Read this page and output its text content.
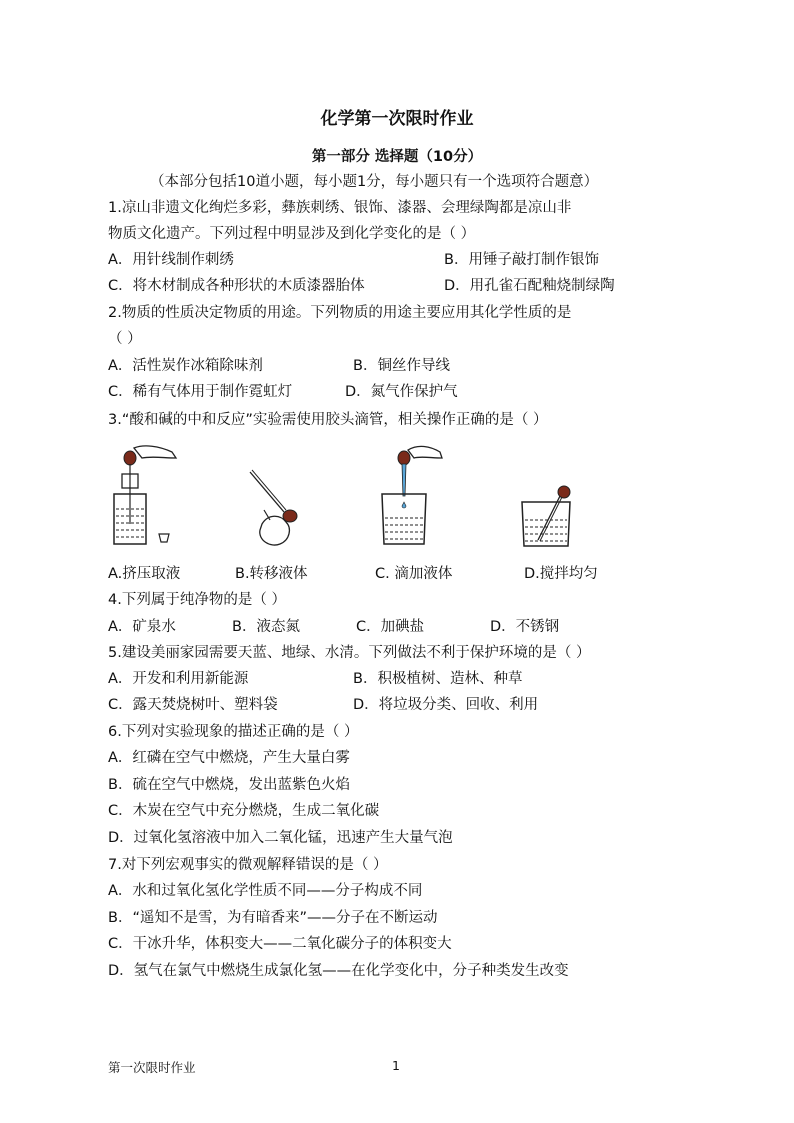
化学第一次限时作业
第一部分 选择题（10分）
（本部分包括10道小题，每小题1分，每小题只有一个选项符合题意）
1.凉山非遗文化绚烂多彩，彝族刺绣、银饰、漆器、会理绿陶都是凉山非
物质文化遗产。下列过程中明显涉及到化学变化的是（ ）
A．用针线制作刺绣	B．用锤子敲打制作银饰
C．将木材制成各种形状的木质漆器胎体	D．用孔雀石配釉烧制绿陶
2.物质的性质决定物质的用途。下列物质的用途主要应用其化学性质的是
（ ）
A．活性炭作冰箱除味剂	B．铜丝作导线
C．稀有气体用于制作霓虹灯	D．氮气作保护气
3.“酸和碱的中和反应”实验需使用胶头滴管，相关操作正确的是（ ）
A.挤压取液	B.转移液体	C. 滴加液体	D.搅拌均匀
4.下列属于纯净物的是（ ）
A．矿泉水	B．液态氮	C．加碘盐	D．不锈钢
5.建设美丽家园需要天蓝、地绿、水清。下列做法不利于保护环境的是（ ）
A．开发和利用新能源	B．积极植树、造林、种草
C．露天焚烧树叶、塑料袋	D．将垃圾分类、回收、利用
6.下列对实验现象的描述正确的是（ ）
A．红磷在空气中燃烧，产生大量白雾
B．硫在空气中燃烧，发出蓝紫色火焰
C．木炭在空气中充分燃烧，生成二氧化碳
D．过氧化氢溶液中加入二氧化锰，迅速产生大量气泡
7.对下列宏观事实的微观解释错误的是（ ）
A．水和过氧化氢化学性质不同——分子构成不同
B．“遥知不是雪，为有暗香来”——分子在不断运动
C．干冰升华，体积变大——二氧化碳分子的体积变大
D．氢气在氯气中燃烧生成氯化氢——在化学变化中，分子种类发生改变
第一次限时作业	1
